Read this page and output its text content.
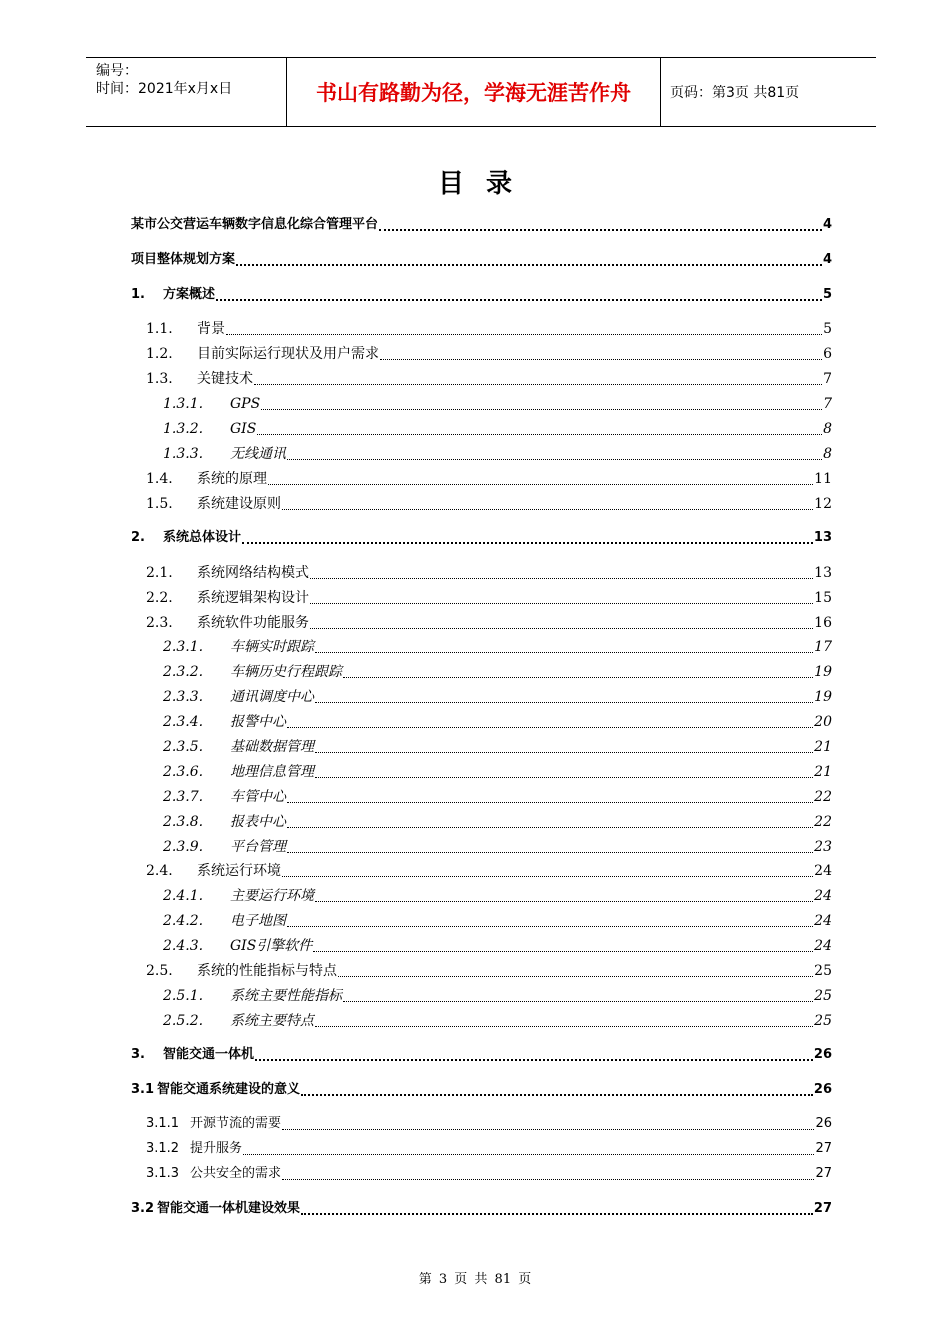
编号：
时间：2021年x月x日	书山有路勤为径，学海无涯苦作舟	页码：第3页 共81页
目录
某市公交营运车辆数字信息化综合管理平台	4
项目整体规划方案	4
1.	方案概述	5
1.1.	背景	5
1.2.	目前实际运行现状及用户需求	6
1.3.	关键技术	7
1.3.1.	GPS	7
1.3.2.	GIS	8
1.3.3.	无线通讯	8
1.4.	系统的原理	11
1.5.	系统建设原则	12
2.	系统总体设计	13
2.1.	系统网络结构模式	13
2.2.	系统逻辑架构设计	15
2.3.	系统软件功能服务	16
2.3.1.	车辆实时跟踪	17
2.3.2.	车辆历史行程跟踪	19
2.3.3.	通讯调度中心	19
2.3.4.	报警中心	20
2.3.5.	基础数据管理	21
2.3.6.	地理信息管理	21
2.3.7.	车管中心	22
2.3.8.	报表中心	22
2.3.9.	平台管理	23
2.4.	系统运行环境	24
2.4.1.	主要运行环境	24
2.4.2.	电子地图	24
2.4.3.	GIS引擎软件	24
2.5.	系统的性能指标与特点	25
2.5.1.	系统主要性能指标	25
2.5.2.	系统主要特点	25
3.	智能交通一体机	26
3.1 智能交通系统建设的意义	26
3.1.1 开源节流的需要	26
3.1.2 提升服务	27
3.1.3 公共安全的需求	27
3.2 智能交通一体机建设效果	27
第 3 页 共 81 页
